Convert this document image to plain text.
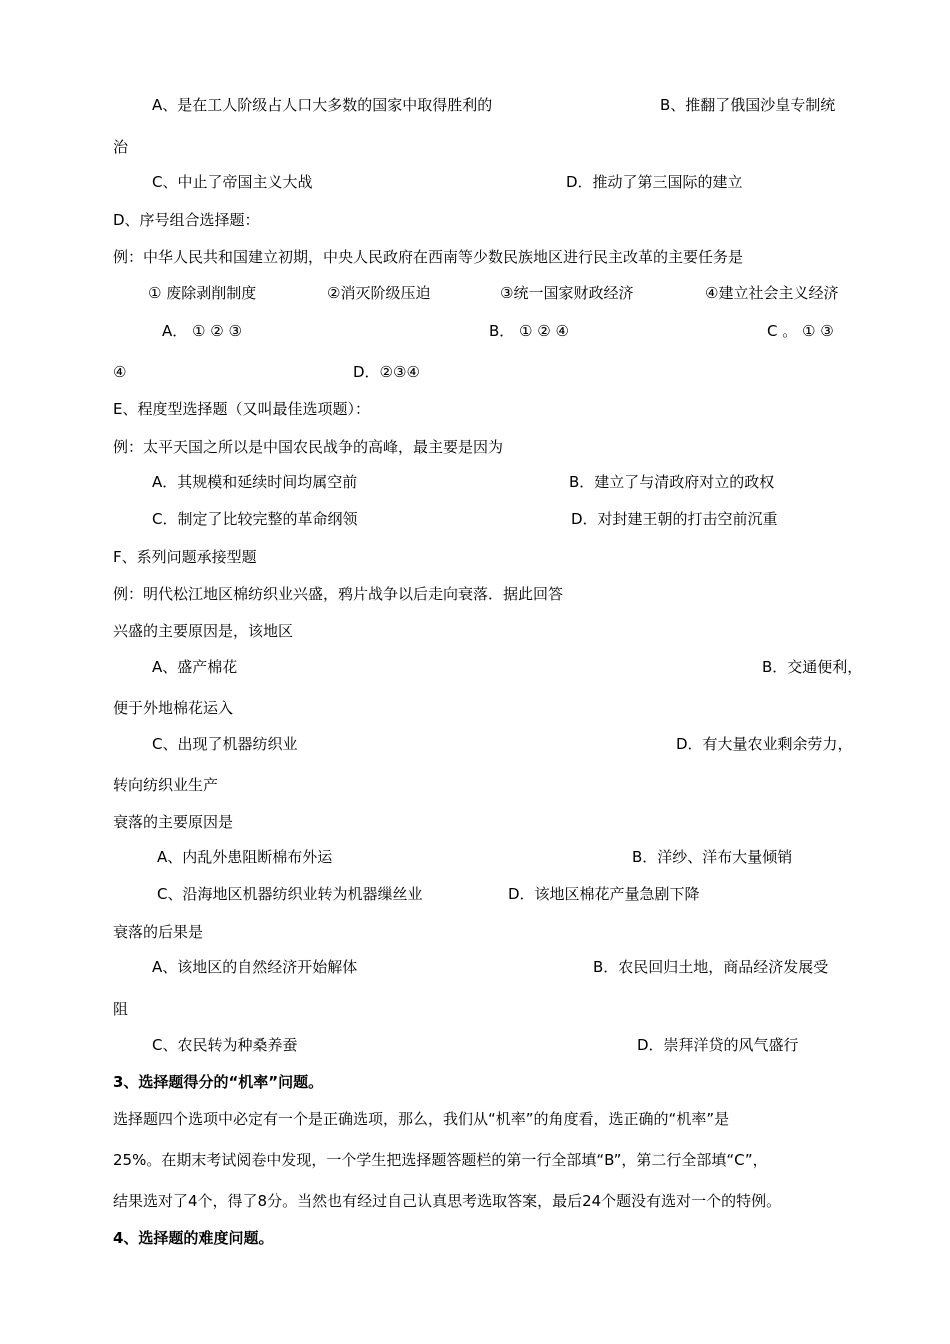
A、是在工人阶级占人口大多数的国家中取得胜利的	B、推翻了俄国沙皇专制统
治
C、中止了帝国主义大战	D．推动了第三国际的建立
D、序号组合选择题：
例：中华人民共和国建立初期，中央人民政府在西南等少数民族地区进行民主改革的主要任务是
① 废除剥削制度	②消灭阶级压迫	③统一国家财政经济	④建立社会主义经济
A． ① ② ③	B． ① ② ④	C 。 ① ③
④	D．②③④
E、程度型选择题（又叫最佳选项题）：
例：太平天国之所以是中国农民战争的高峰，最主要是因为
A．其规模和延续时间均属空前	B．建立了与清政府对立的政权
C．制定了比较完整的革命纲领	D．对封建王朝的打击空前沉重
F、系列问题承接型题
例：明代松江地区棉纺织业兴盛，鸦片战争以后走向衰落．据此回答
兴盛的主要原因是，该地区
A、盛产棉花	B．交通便利，
便于外地棉花运入
C、出现了机器纺织业	D．有大量农业剩余劳力，
转向纺织业生产
衰落的主要原因是
A、内乱外患阻断棉布外运	B．洋纱、洋布大量倾销
C、沿海地区机器纺织业转为机器缫丝业	D．该地区棉花产量急剧下降
衰落的后果是
A、该地区的自然经济开始解体	B．农民回归土地，商品经济发展受
阻
C、农民转为种桑养蚕	D．崇拜洋贷的风气盛行
3、选择题得分的“机率”问题。
选择题四个选项中必定有一个是正确选项，那么，我们从“机率”的角度看，选正确的“机率”是
25%。在期末考试阅卷中发现，一个学生把选择题答题栏的第一行全部填“B”，第二行全部填“C”，
结果选对了4个，得了8分。当然也有经过自己认真思考选取答案，最后24个题没有选对一个的特例。
4、选择题的难度问题。
